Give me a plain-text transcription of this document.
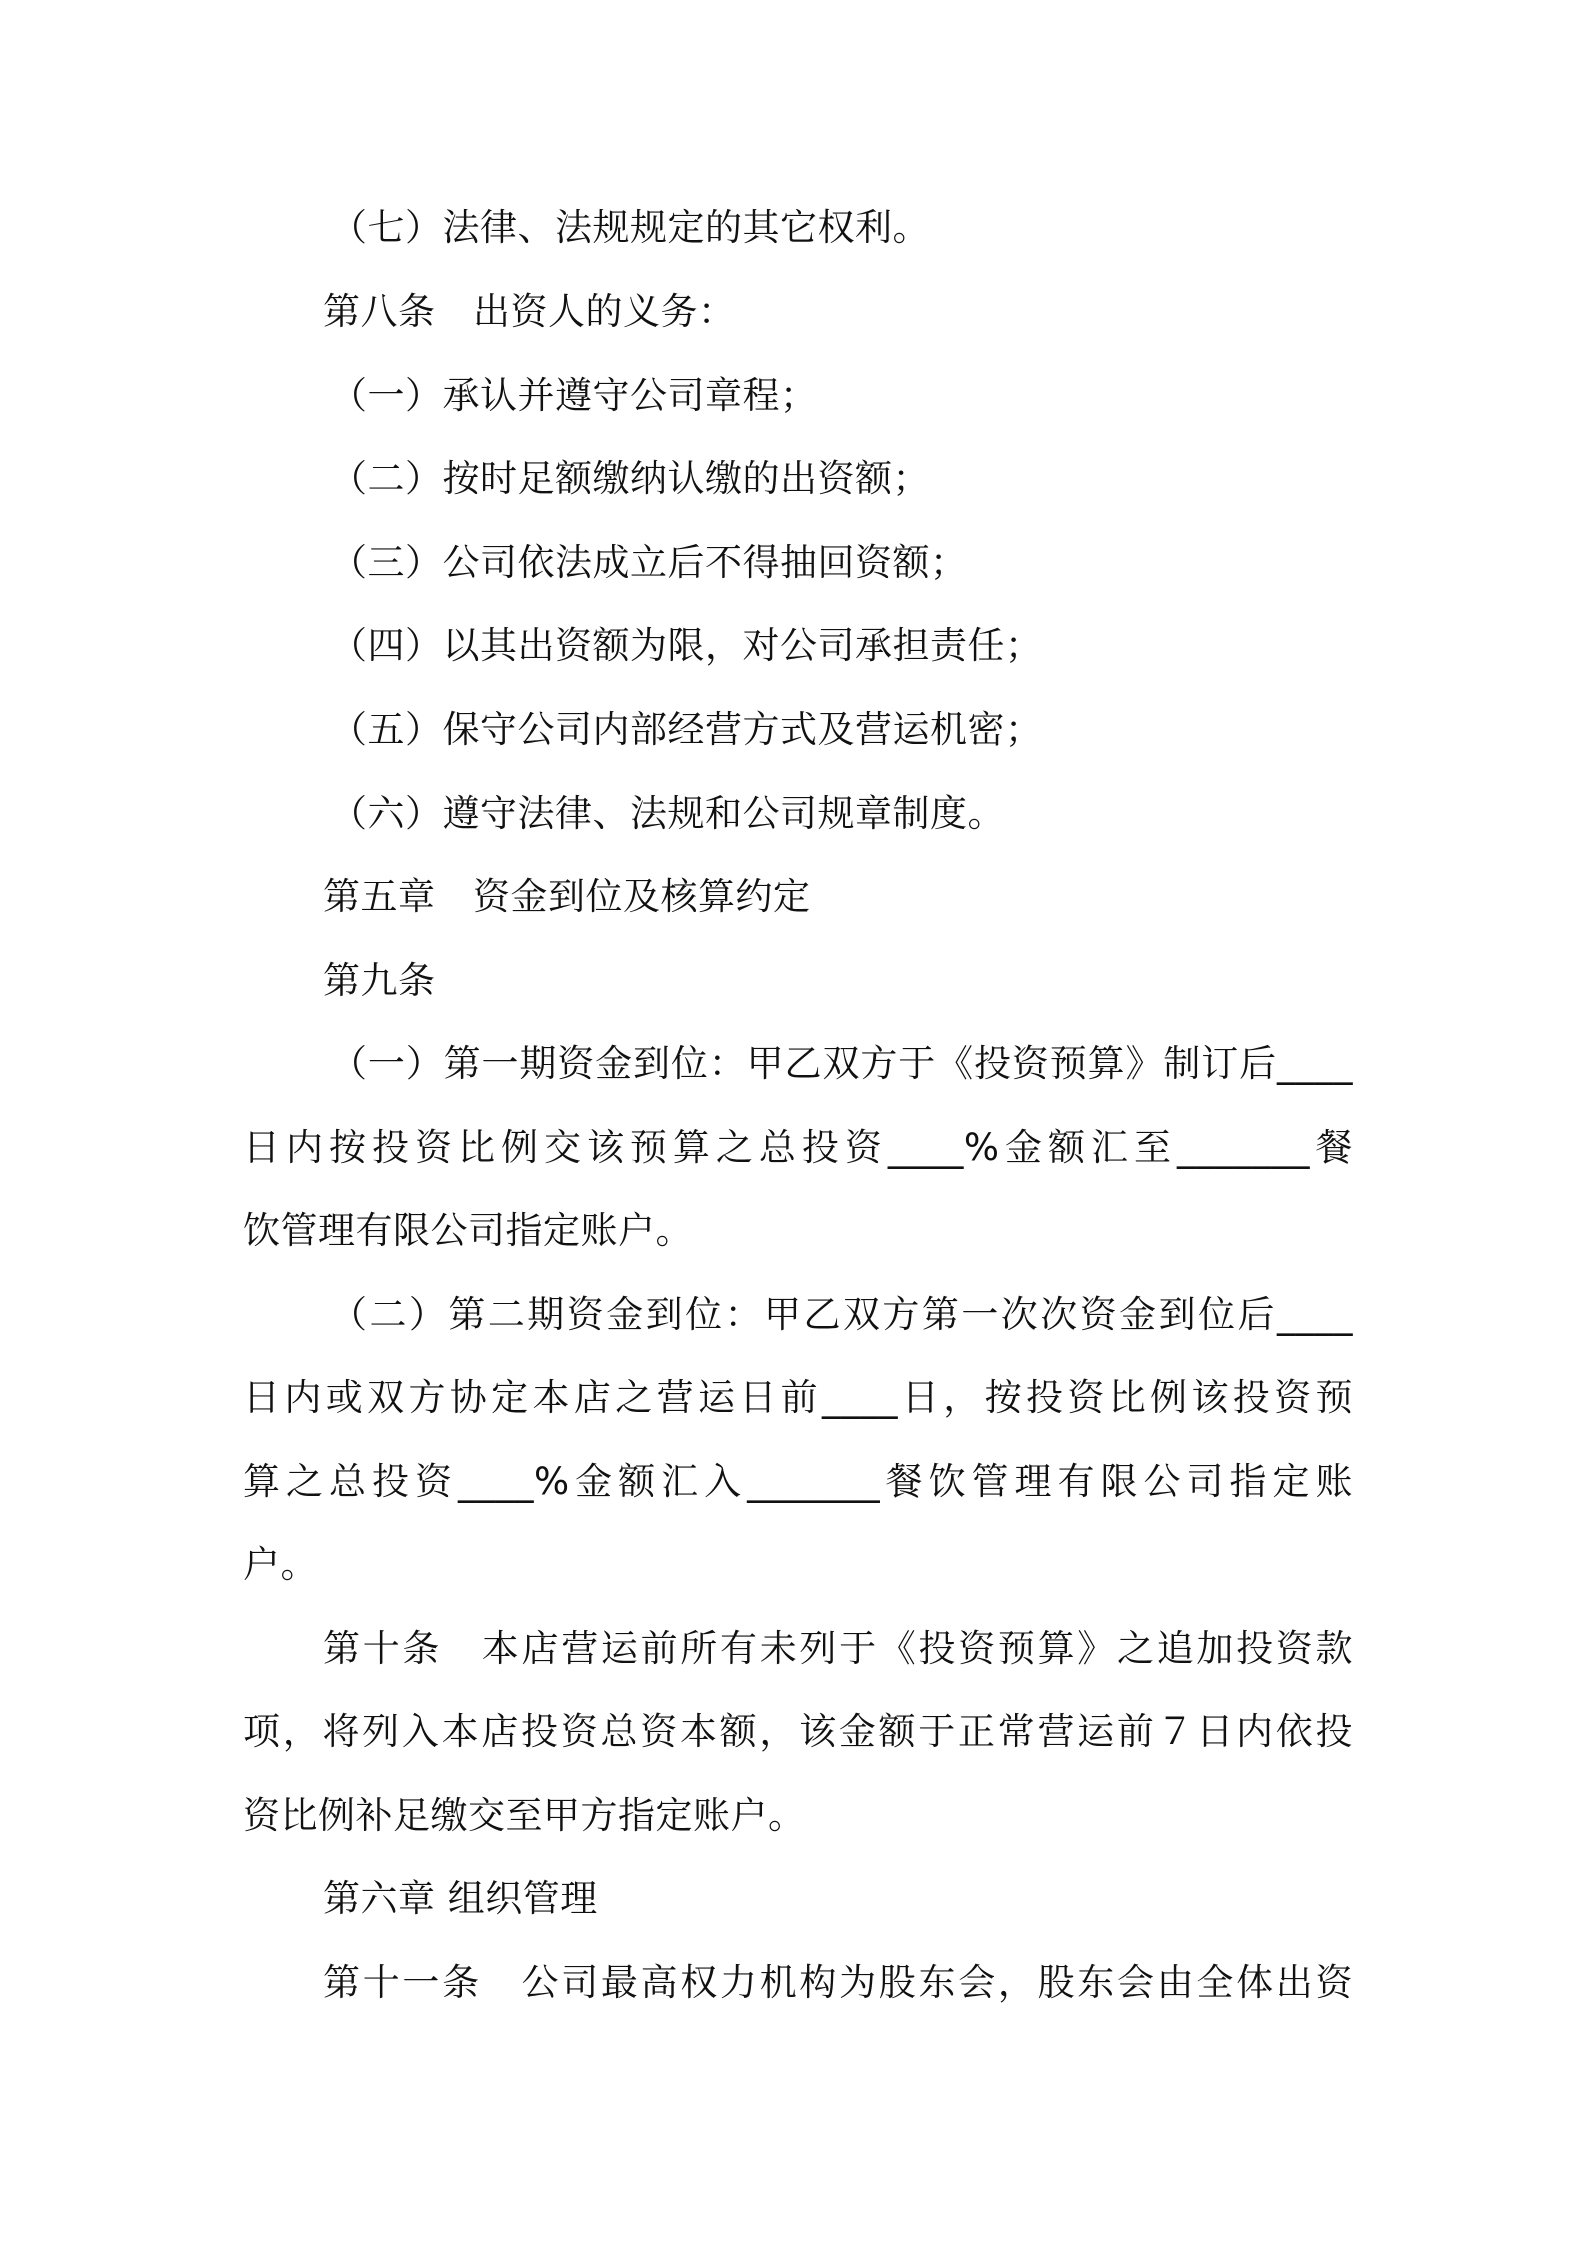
（七）法律、法规规定的其它权利。
第八条　出资人的义务：
（一）承认并遵守公司章程；
（二）按时足额缴纳认缴的出资额；
（三）公司依法成立后不得抽回资额；
（四）以其出资额为限，对公司承担责任；
（五）保守公司内部经营方式及营运机密；
（六）遵守法律、法规和公司规章制度。
第五章　资金到位及核算约定
第九条
（一）第一期资金到位：甲乙双方于《投资预算》制订后____
日内按投资比例交该预算之总投资____%金额汇至_______餐
饮管理有限公司指定账户。
（二）第二期资金到位：甲乙双方第一次次资金到位后____
日内或双方协定本店之营运日前____日，按投资比例该投资预
算之总投资____%金额汇入_______餐饮管理有限公司指定账
户。
第十条　本店营运前所有未列于《投资预算》之追加投资款
项，将列入本店投资总资本额，该金额于正常营运前７日内依投
资比例补足缴交至甲方指定账户。
第六章 组织管理
第十一条　公司最高权力机构为股东会，股东会由全体出资
